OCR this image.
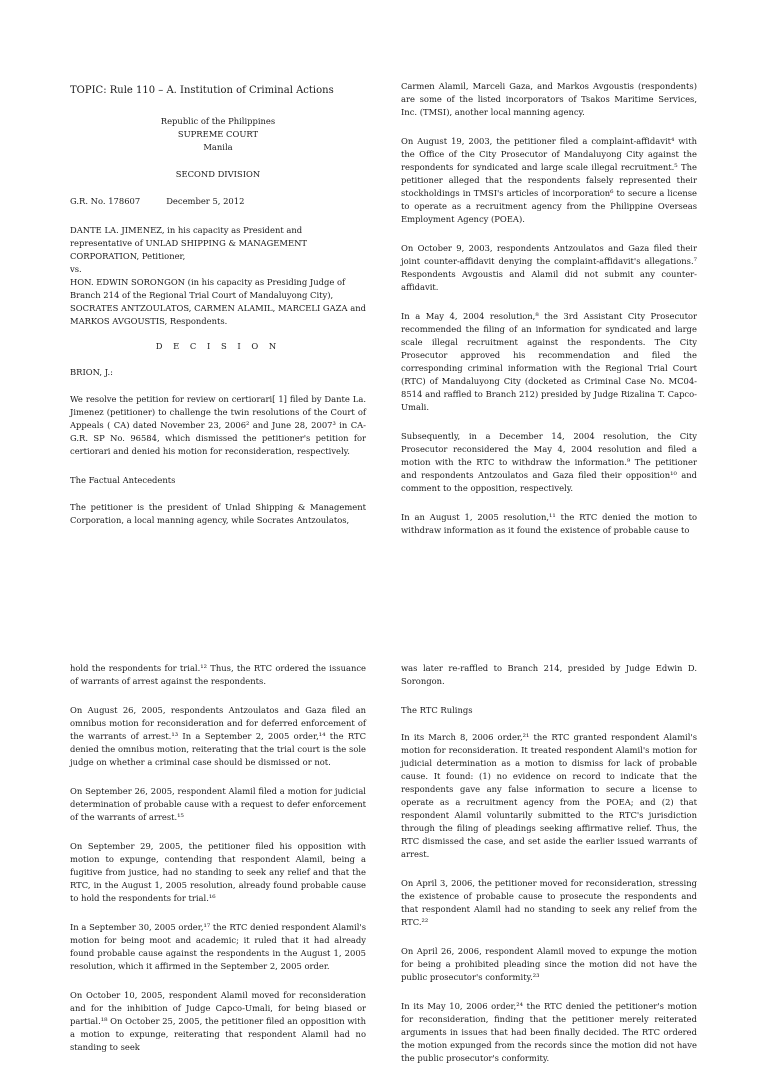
TOPIC: Rule 110 – A. Institution of Criminal Actions

Republic of the Philippines

SUPREME COURT

Manila

SECOND DIVISION

G.R. No. 178607	December 5, 2012

DANTE LA. JIMENEZ, in his capacity as President and representative of UNLAD SHIPPING & MANAGEMENT CORPORATION, Petitioner,

vs.

HON. EDWIN SORONGON (in his capacity as Presiding Judge of Branch 214 of the Regional Trial Court of Mandaluyong City), SOCRATES ANTZOULATOS, CARMEN ALAMIL, MARCELI GAZA and MARKOS AVGOUSTIS, Respondents.

D E C I S I O N

BRION, J.:

We resolve the petition for review on certiorari[ 1] filed by Dante La. Jimenez (petitioner) to challenge the twin resolutions of the Court of Appeals ( CA) dated November 23, 2006² and June 28, 2007³ in CA-G.R. SP No. 96584, which dismissed the petitioner's petition for certiorari and denied his motion for reconsideration, respectively.

The Factual Antecedents

The petitioner is the president of Unlad Shipping & Management Corporation, a local manning agency, while Socrates Antzoulatos,

Carmen Alamil, Marceli Gaza, and Markos Avgoustis (respondents) are some of the listed incorporators of Tsakos Maritime Services, Inc. (TMSI), another local manning agency.

On August 19, 2003, the petitioner filed a complaint-affidavit⁴ with the Office of the City Prosecutor of Mandaluyong City against the respondents for syndicated and large scale illegal recruitment.⁵ The petitioner alleged that the respondents falsely represented their stockholdings in TMSI's articles of incorporation⁶ to secure a license to operate as a recruitment agency from the Philippine Overseas Employment Agency (POEA).

On October 9, 2003, respondents Antzoulatos and Gaza filed their joint counter-affidavit denying the complaint-affidavit's allegations.⁷ Respondents Avgoustis and Alamil did not submit any counter-affidavit.

In a May 4, 2004 resolution,⁸ the 3rd Assistant City Prosecutor recommended the filing of an information for syndicated and large scale illegal recruitment against the respondents. The City Prosecutor approved his recommendation and filed the corresponding criminal information with the Regional Trial Court (RTC) of Mandaluyong City (docketed as Criminal Case No. MC04-8514 and raffled to Branch 212) presided by Judge Rizalina T. Capco-Umali.

Subsequently, in a December 14, 2004 resolution, the City Prosecutor reconsidered the May 4, 2004 resolution and filed a motion with the RTC to withdraw the information.⁹ The petitioner and respondents Antzoulatos and Gaza filed their opposition¹⁰ and comment to the opposition, respectively.

In an August 1, 2005 resolution,¹¹ the RTC denied the motion to withdraw information as it found the existence of probable cause to

hold the respondents for trial.¹² Thus, the RTC ordered the issuance of warrants of arrest against the respondents.

On August 26, 2005, respondents Antzoulatos and Gaza filed an omnibus motion for reconsideration and for deferred enforcement of the warrants of arrest.¹³ In a September 2, 2005 order,¹⁴ the RTC denied the omnibus motion, reiterating that the trial court is the sole judge on whether a criminal case should be dismissed or not.

On September 26, 2005, respondent Alamil filed a motion for judicial determination of probable cause with a request to defer enforcement of the warrants of arrest.¹⁵

On September 29, 2005, the petitioner filed his opposition with motion to expunge, contending that respondent Alamil, being a fugitive from justice, had no standing to seek any relief and that the RTC, in the August 1, 2005 resolution, already found probable cause to hold the respondents for trial.¹⁶

In a September 30, 2005 order,¹⁷ the RTC denied respondent Alamil's motion for being moot and academic; it ruled that it had already found probable cause against the respondents in the August 1, 2005 resolution, which it affirmed in the September 2, 2005 order.

On October 10, 2005, respondent Alamil moved for reconsideration and for the inhibition of Judge Capco-Umali, for being biased or partial.¹⁸ On October 25, 2005, the petitioner filed an opposition with a motion to expunge, reiterating that respondent Alamil had no standing to seek

was later re-raffled to Branch 214, presided by Judge Edwin D. Sorongon.

The RTC Rulings

In its March 8, 2006 order,²¹ the RTC granted respondent Alamil's motion for reconsideration. It treated respondent Alamil's motion for judicial determination as a motion to dismiss for lack of probable cause. It found: (1) no evidence on record to indicate that the respondents gave any false information to secure a license to operate as a recruitment agency from the POEA; and (2) that respondent Alamil voluntarily submitted to the RTC's jurisdiction through the filing of pleadings seeking affirmative relief. Thus, the RTC dismissed the case, and set aside the earlier issued warrants of arrest.

On April 3, 2006, the petitioner moved for reconsideration, stressing the existence of probable cause to prosecute the respondents and that respondent Alamil had no standing to seek any relief from the RTC.²²

On April 26, 2006, respondent Alamil moved to expunge the motion for being a prohibited pleading since the motion did not have the public prosecutor's conformity.²³

In its May 10, 2006 order,²⁴ the RTC denied the petitioner's motion for reconsideration, finding that the petitioner merely reiterated arguments in issues that had been finally decided. The RTC ordered the motion expunged from the records since the motion did not have the public prosecutor's conformity.
